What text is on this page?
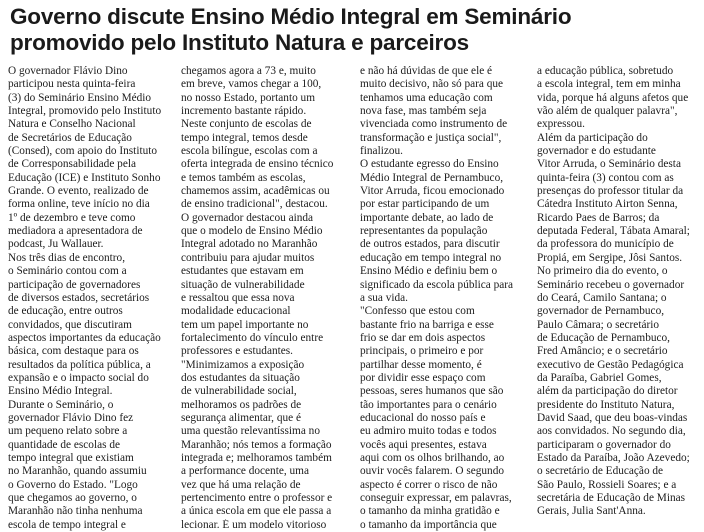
Governo discute Ensino Médio Integral em Seminário
promovido pelo Instituto Natura e parceiros
O governador Flávio Dino
participou nesta quinta-feira
(3) do Seminário Ensino Médio
Integral, promovido pelo Instituto
Natura e Conselho Nacional
de Secretários de Educação
(Consed), com apoio do Instituto
de Corresponsabilidade pela
Educação (ICE) e Instituto Sonho
Grande. O evento, realizado de
forma online, teve início no dia
1º de dezembro e teve como
mediadora a apresentadora de
podcast, Ju Wallauer.
Nos três dias de encontro,
o Seminário contou com a
participação de governadores
de diversos estados, secretários
de educação, entre outros
convidados, que discutiram
aspectos importantes da educação
básica, com destaque para os
resultados da política pública, a
expansão e o impacto social do
Ensino Médio Integral.
Durante o Seminário, o
governador Flávio Dino fez
um pequeno relato sobre a
quantidade de escolas de
tempo integral que existiam
no Maranhão, quando assumiu
o Governo do Estado. "Logo
que chegamos ao governo, o
Maranhão não tinha nenhuma
escola de tempo integral e
chegamos agora a 73 e, muito
em breve, vamos chegar a 100,
no nosso Estado, portanto um
incremento bastante rápido.
Neste conjunto de escolas de
tempo integral, temos desde
escola bilíngue, escolas com a
oferta integrada de ensino técnico
e temos também as escolas,
chamemos assim, acadêmicas ou
de ensino tradicional", destacou.
O governador destacou ainda
que o modelo de Ensino Médio
Integral adotado no Maranhão
contribuiu para ajudar muitos
estudantes que estavam em
situação de vulnerabilidade
e ressaltou que essa nova
modalidade educacional
tem um papel importante no
fortalecimento do vínculo entre
professores e estudantes.
"Minimizamos a exposição
dos estudantes da situação
de vulnerabilidade social,
melhoramos os padrões de
segurança alimentar, que é
uma questão relevantíssima no
Maranhão; nós temos a formação
integrada e; melhoramos também
a performance docente, uma
vez que há uma relação de
pertencimento entre o professor e
a única escola em que ele passa a
lecionar. É um modelo vitorioso
e não há dúvidas de que ele é
muito decisivo, não só para que
tenhamos uma educação com
nova fase, mas também seja
vivenciada como instrumento de
transformação e justiça social",
finalizou.
O estudante egresso do Ensino
Médio Integral de Pernambuco,
Vitor Arruda, ficou emocionado
por estar participando de um
importante debate, ao lado de
representantes da população
de outros estados, para discutir
educação em tempo integral no
Ensino Médio e definiu bem o
significado da escola pública para
a sua vida.
"Confesso que estou com
bastante frio na barriga e esse
frio se dar em dois aspectos
principais, o primeiro e por
partilhar desse momento, é
por dividir esse espaço com
pessoas, seres humanos que são
tão importantes para o cenário
educacional do nosso país e
eu admiro muito todas e todos
vocês aqui presentes, estava
aqui com os olhos brilhando, ao
ouvir vocês falarem. O segundo
aspecto é correr o risco de não
conseguir expressar, em palavras,
o tamanho da minha gratidão e
o tamanho da importância que
a educação pública, sobretudo
a escola integral, tem em minha
vida, porque há alguns afetos que
vão além de qualquer palavra",
expressou.
Além da participação do
governador e do estudante
Vitor Arruda, o Seminário desta
quinta-feira (3) contou com as
presenças do professor titular da
Cátedra Instituto Airton Senna,
Ricardo Paes de Barros; da
deputada Federal, Tábata Amaral;
da professora do município de
Propiá, em Sergipe, Jôsi Santos.
No primeiro dia do evento, o
Seminário recebeu o governador
do Ceará, Camilo Santana; o
governador de Pernambuco,
Paulo Câmara; o secretário
de Educação de Pernambuco,
Fred Amâncio; e o secretário
executivo de Gestão Pedagógica
da Paraíba, Gabriel Gomes,
além da participação do diretor
presidente do Instituto Natura,
David Saad, que deu boas-vindas
aos convidados. No segundo dia,
participaram o governador do
Estado da Paraíba, João Azevedo;
o secretário de Educação de
São Paulo, Rossieli Soares; e a
secretária de Educação de Minas
Gerais, Julia Sant'Anna.
